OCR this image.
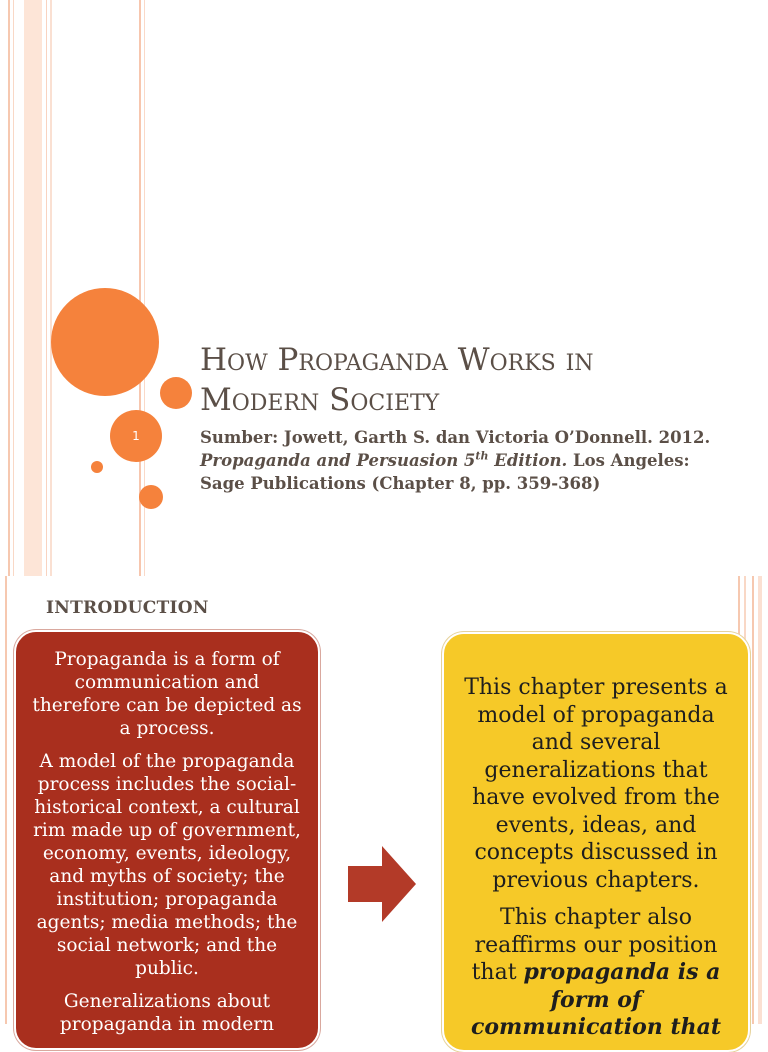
1
How Propaganda Works in
Modern Society

Sumber: Jowett, Garth S. dan Victoria O’Donnell. 2012. Propaganda and Persuasion 5th Edition. Los Angeles: Sage Publications (Chapter 8, pp. 359-368)

INTRODUCTION

Propaganda is a form of communication and therefore can be depicted as a process.

A model of the propaganda process includes the social-historical context, a cultural rim made up of government, economy, events, ideology, and myths of society; the institution; propaganda agents; media methods; the social network; and the public.

Generalizations about propaganda in modern

This chapter presents a model of propaganda and several generalizations that have evolved from the events, ideas, and concepts discussed in previous chapters.

This chapter also reaffirms our position that propaganda is a form of communication that
